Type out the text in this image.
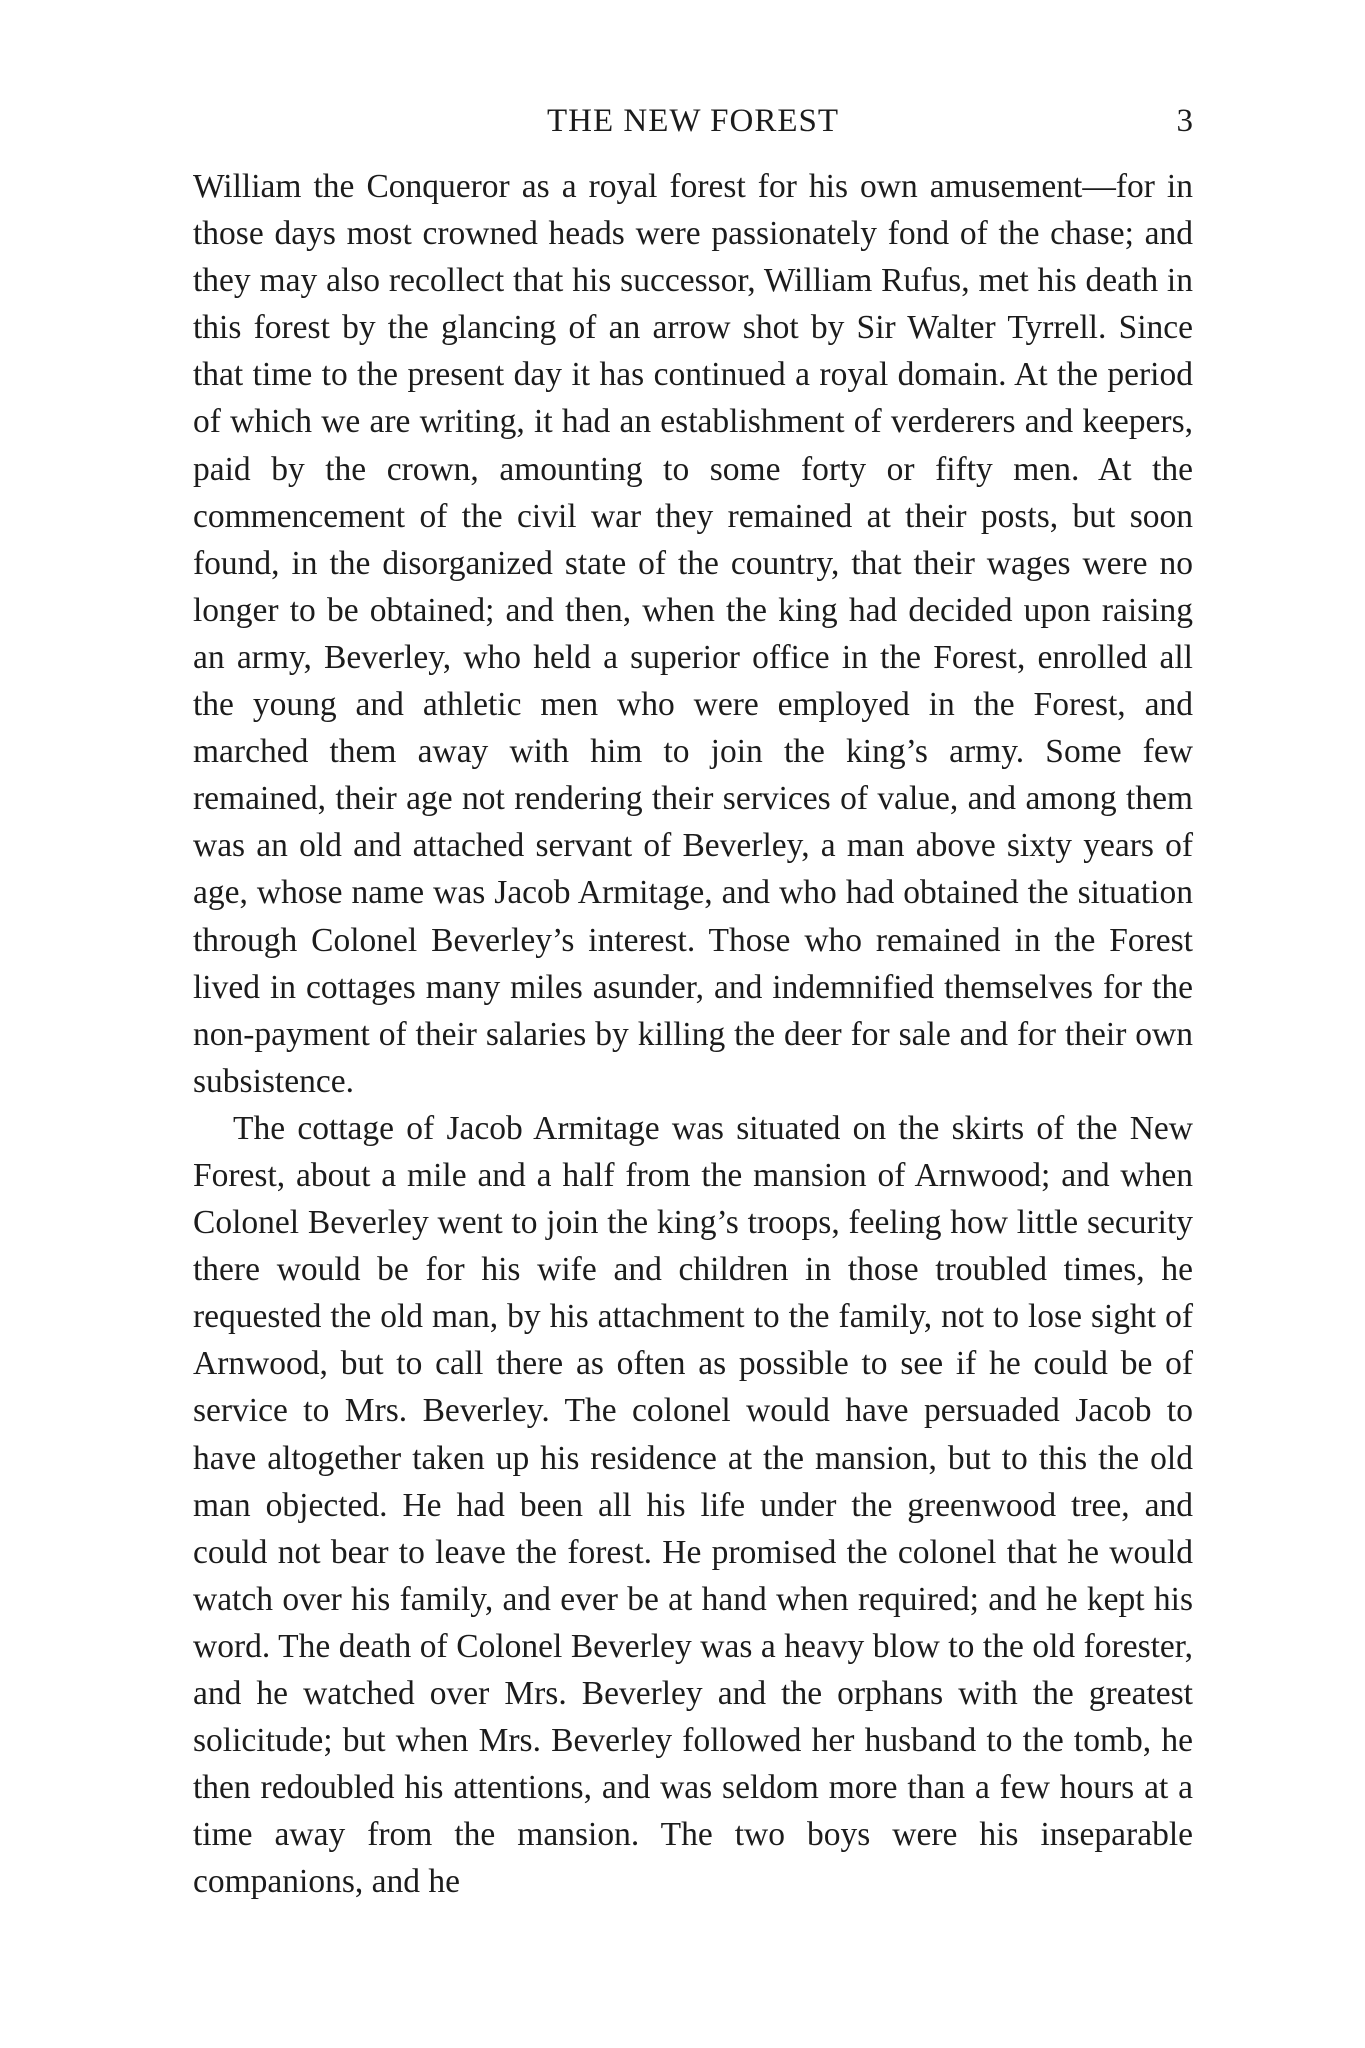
THE NEW FOREST	3

William the Conqueror as a royal forest for his own amusement—for in those days most crowned heads were passionately fond of the chase; and they may also recollect that his successor, William Rufus, met his death in this forest by the glancing of an arrow shot by Sir Walter Tyrrell. Since that time to the present day it has continued a royal domain. At the period of which we are writing, it had an establishment of verderers and keepers, paid by the crown, amounting to some forty or fifty men. At the commencement of the civil war they remained at their posts, but soon found, in the disorganized state of the country, that their wages were no longer to be obtained; and then, when the king had decided upon raising an army, Beverley, who held a superior office in the Forest, enrolled all the young and athletic men who were employed in the Forest, and marched them away with him to join the king’s army. Some few remained, their age not rendering their services of value, and among them was an old and attached servant of Beverley, a man above sixty years of age, whose name was Jacob Armitage, and who had obtained the situation through Colonel Beverley’s interest. Those who remained in the Forest lived in cottages many miles asunder, and indemnified themselves for the non-payment of their salaries by killing the deer for sale and for their own subsistence.

The cottage of Jacob Armitage was situated on the skirts of the New Forest, about a mile and a half from the mansion of Arnwood; and when Colonel Beverley went to join the king’s troops, feeling how little security there would be for his wife and children in those troubled times, he requested the old man, by his attachment to the family, not to lose sight of Arnwood, but to call there as often as possible to see if he could be of service to Mrs. Beverley. The colonel would have persuaded Jacob to have altogether taken up his residence at the mansion, but to this the old man objected. He had been all his life under the greenwood tree, and could not bear to leave the forest. He promised the colonel that he would watch over his family, and ever be at hand when required; and he kept his word. The death of Colonel Beverley was a heavy blow to the old forester, and he watched over Mrs. Beverley and the orphans with the greatest solicitude; but when Mrs. Beverley followed her husband to the tomb, he then redoubled his attentions, and was seldom more than a few hours at a time away from the mansion. The two boys were his inseparable companions, and he
